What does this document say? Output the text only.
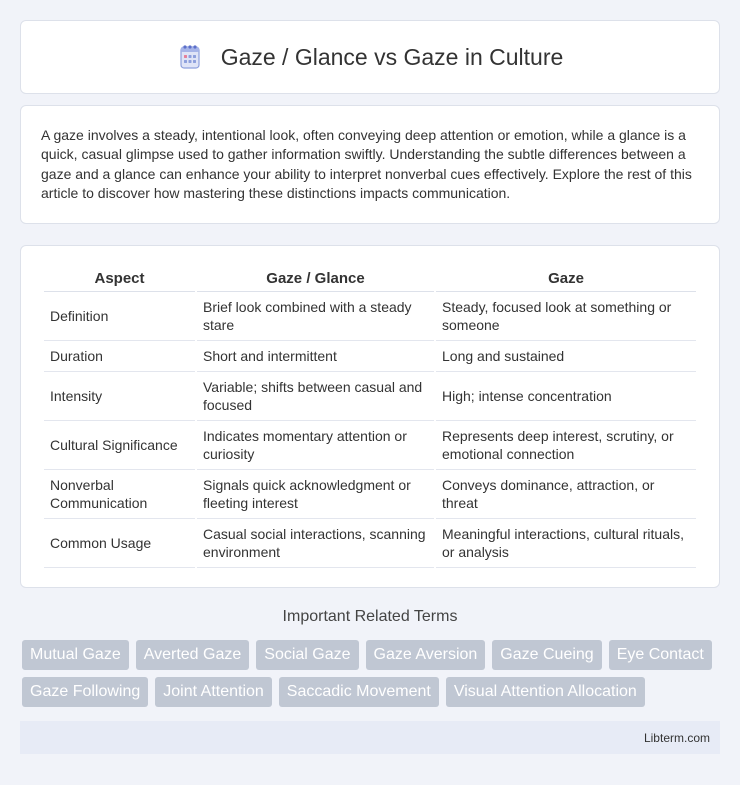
Gaze / Glance vs Gaze in Culture

A gaze involves a steady, intentional look, often conveying deep attention or emotion, while a glance is a quick, casual glimpse used to gather information swiftly. Understanding the subtle differences between a gaze and a glance can enhance your ability to interpret nonverbal cues effectively. Explore the rest of this article to discover how mastering these distinctions impacts communication.

Aspect	Gaze / Glance	Gaze
Definition	Brief look combined with a steady stare	Steady, focused look at something or someone
Duration	Short and intermittent	Long and sustained
Intensity	Variable; shifts between casual and focused	High; intense concentration
Cultural Significance	Indicates momentary attention or curiosity	Represents deep interest, scrutiny, or emotional connection
Nonverbal Communication	Signals quick acknowledgment or fleeting interest	Conveys dominance, attraction, or threat
Common Usage	Casual social interactions, scanning environment	Meaningful interactions, cultural rituals, or analysis
Important Related Terms
Mutual Gaze	Averted Gaze	Social Gaze	Gaze Aversion	Gaze Cueing	Eye Contact
Gaze Following	Joint Attention	Saccadic Movement	Visual Attention Allocation
Libterm.com
